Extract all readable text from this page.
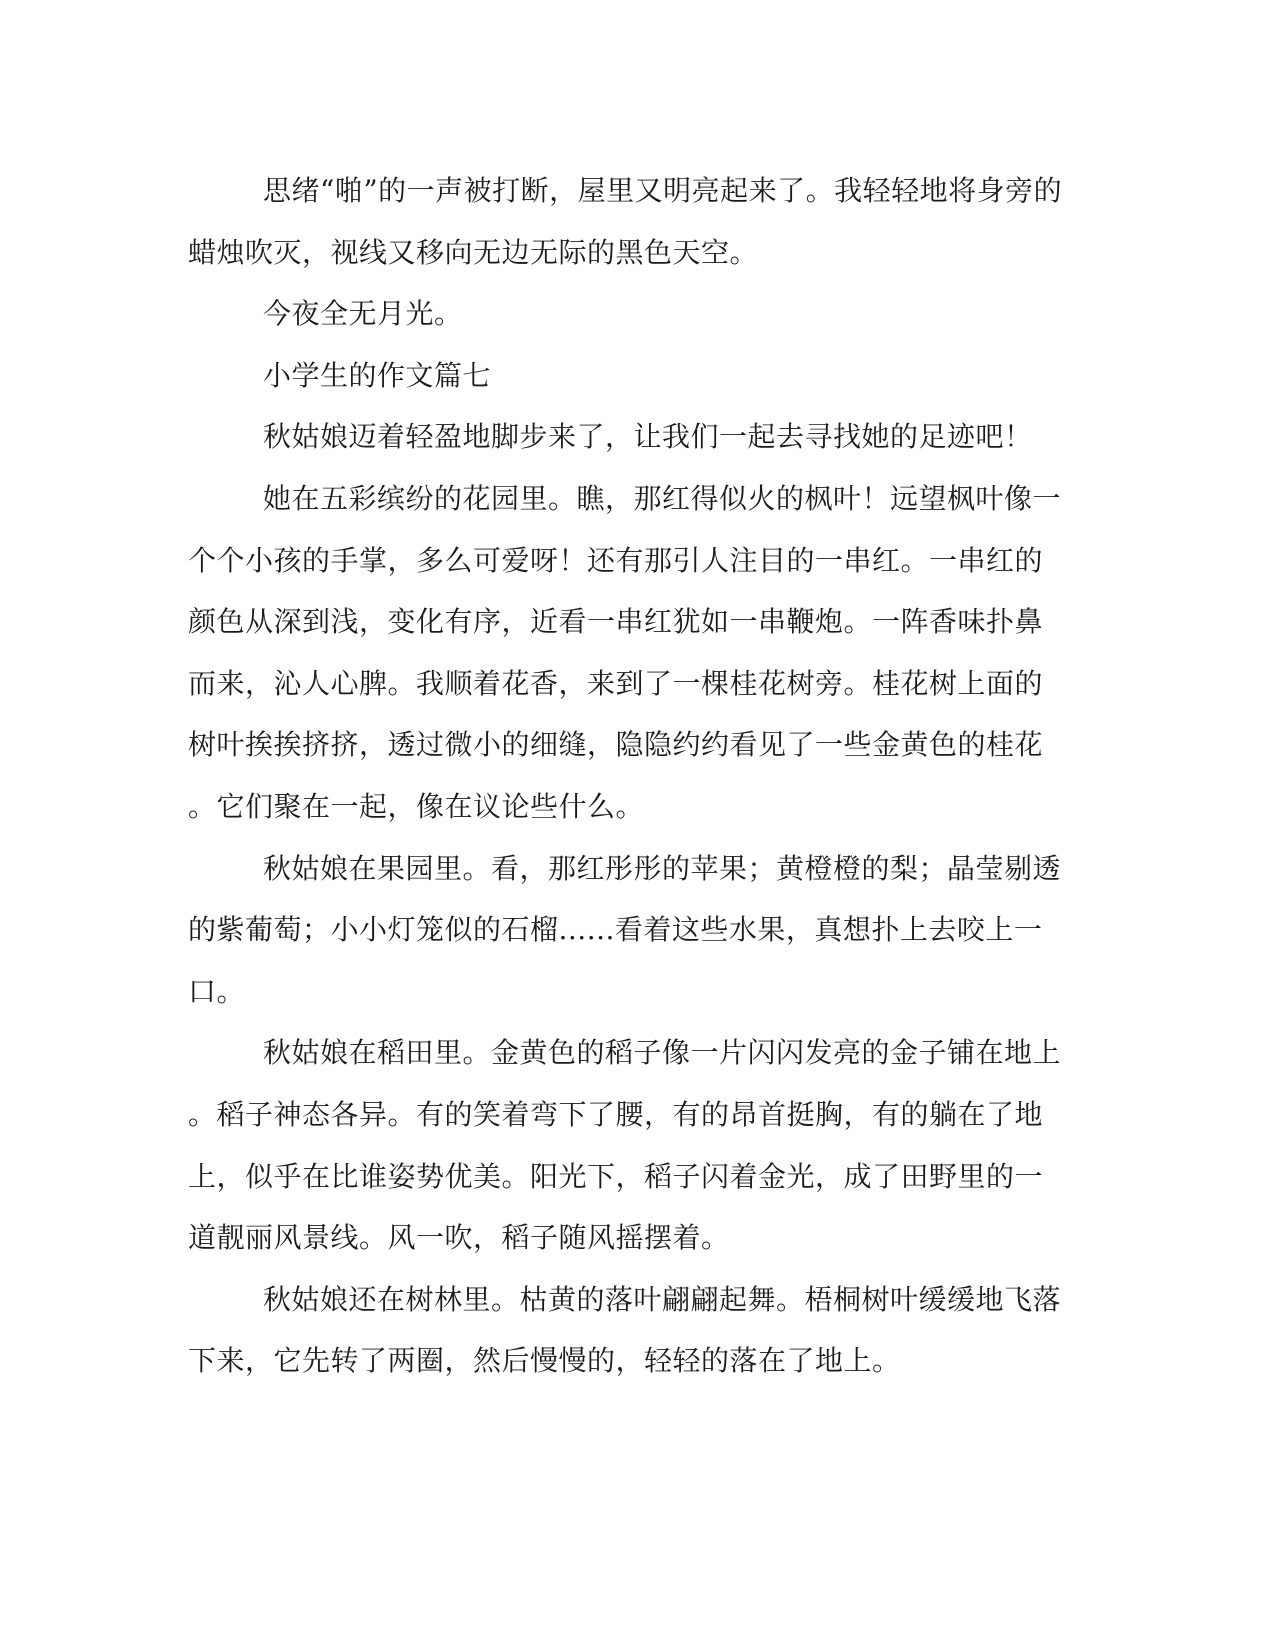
思绪“啪”的一声被打断，屋里又明亮起来了。我轻轻地将身旁的
蜡烛吹灭，视线又移向无边无际的黑色天空。
今夜全无月光。
小学生的作文篇七
秋姑娘迈着轻盈地脚步来了，让我们一起去寻找她的足迹吧！
她在五彩缤纷的花园里。瞧，那红得似火的枫叶！远望枫叶像一
个个小孩的手掌，多么可爱呀！还有那引人注目的一串红。一串红的
颜色从深到浅，变化有序，近看一串红犹如一串鞭炮。一阵香味扑鼻
而来，沁人心脾。我顺着花香，来到了一棵桂花树旁。桂花树上面的
树叶挨挨挤挤，透过微小的细缝，隐隐约约看见了一些金黄色的桂花
。它们聚在一起，像在议论些什么。
秋姑娘在果园里。看，那红彤彤的苹果；黄橙橙的梨；晶莹剔透
的紫葡萄；小小灯笼似的石榴......看着这些水果，真想扑上去咬上一
口。
秋姑娘在稻田里。金黄色的稻子像一片闪闪发亮的金子铺在地上
。稻子神态各异。有的笑着弯下了腰，有的昂首挺胸，有的躺在了地
上，似乎在比谁姿势优美。阳光下，稻子闪着金光，成了田野里的一
道靓丽风景线。风一吹，稻子随风摇摆着。
秋姑娘还在树林里。枯黄的落叶翩翩起舞。梧桐树叶缓缓地飞落
下来，它先转了两圈，然后慢慢的，轻轻的落在了地上。
